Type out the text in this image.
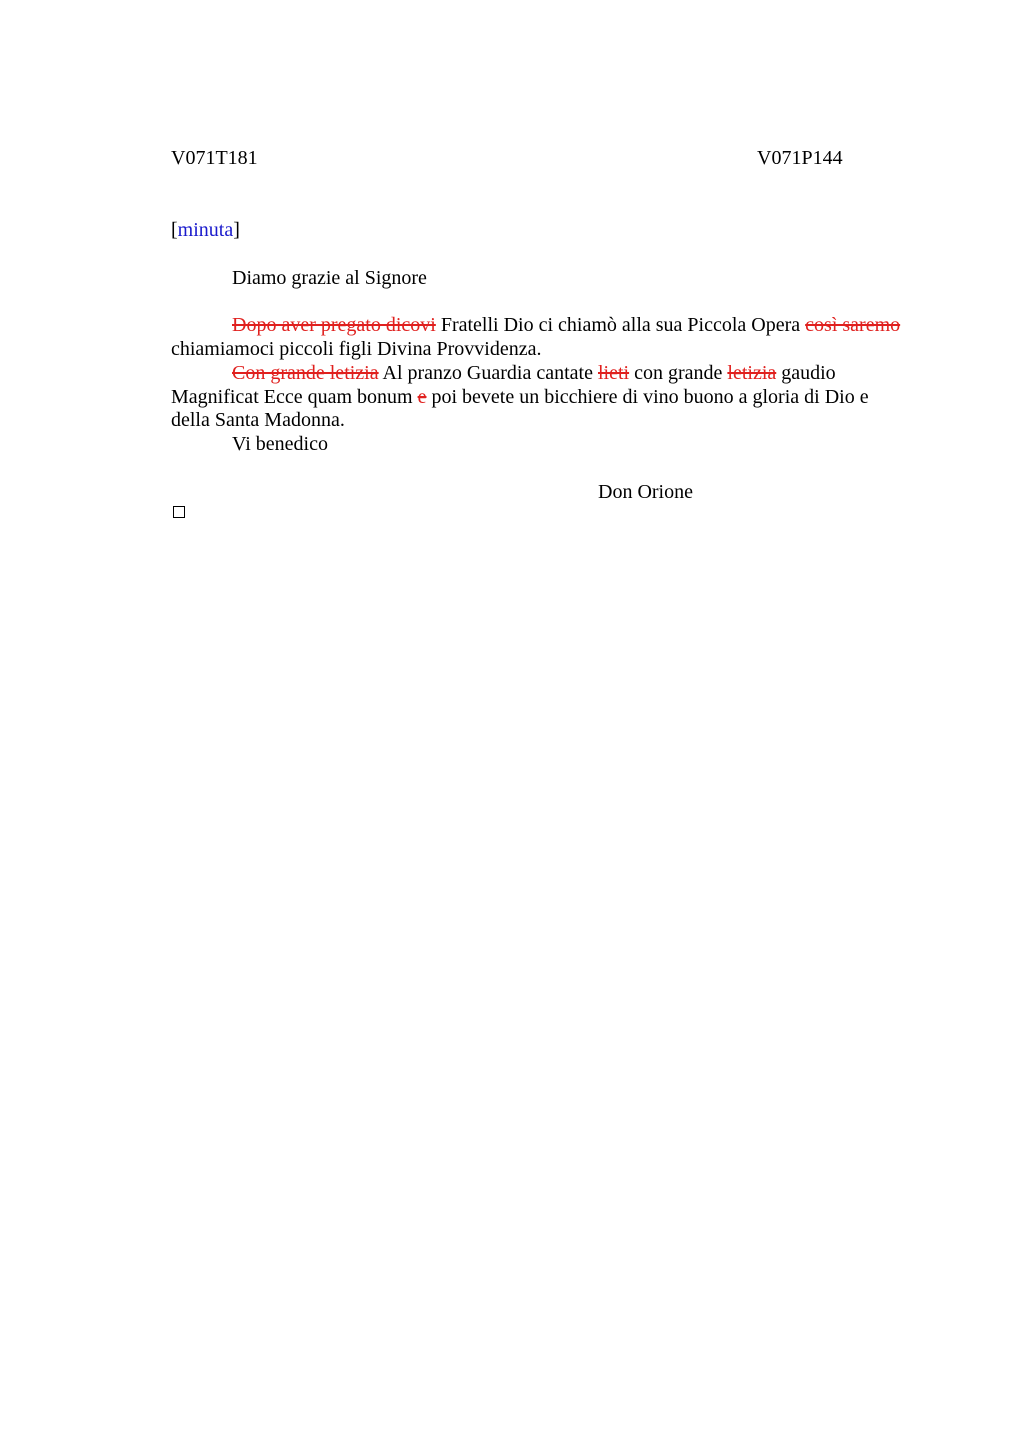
V071T181	V071P144
[minuta]
Diamo grazie al Signore
Dopo aver pregato dicovi Fratelli Dio ci chiamò alla sua Piccola Opera così saremo
chiamiamoci piccoli figli Divina Provvidenza.
Con grande letizia Al pranzo Guardia cantate lieti con grande letizia gaudio
Magnificat Ecce quam bonum e poi bevete un bicchiere di vino buono a gloria di Dio e
della Santa Madonna.
Vi benedico
Don Orione
